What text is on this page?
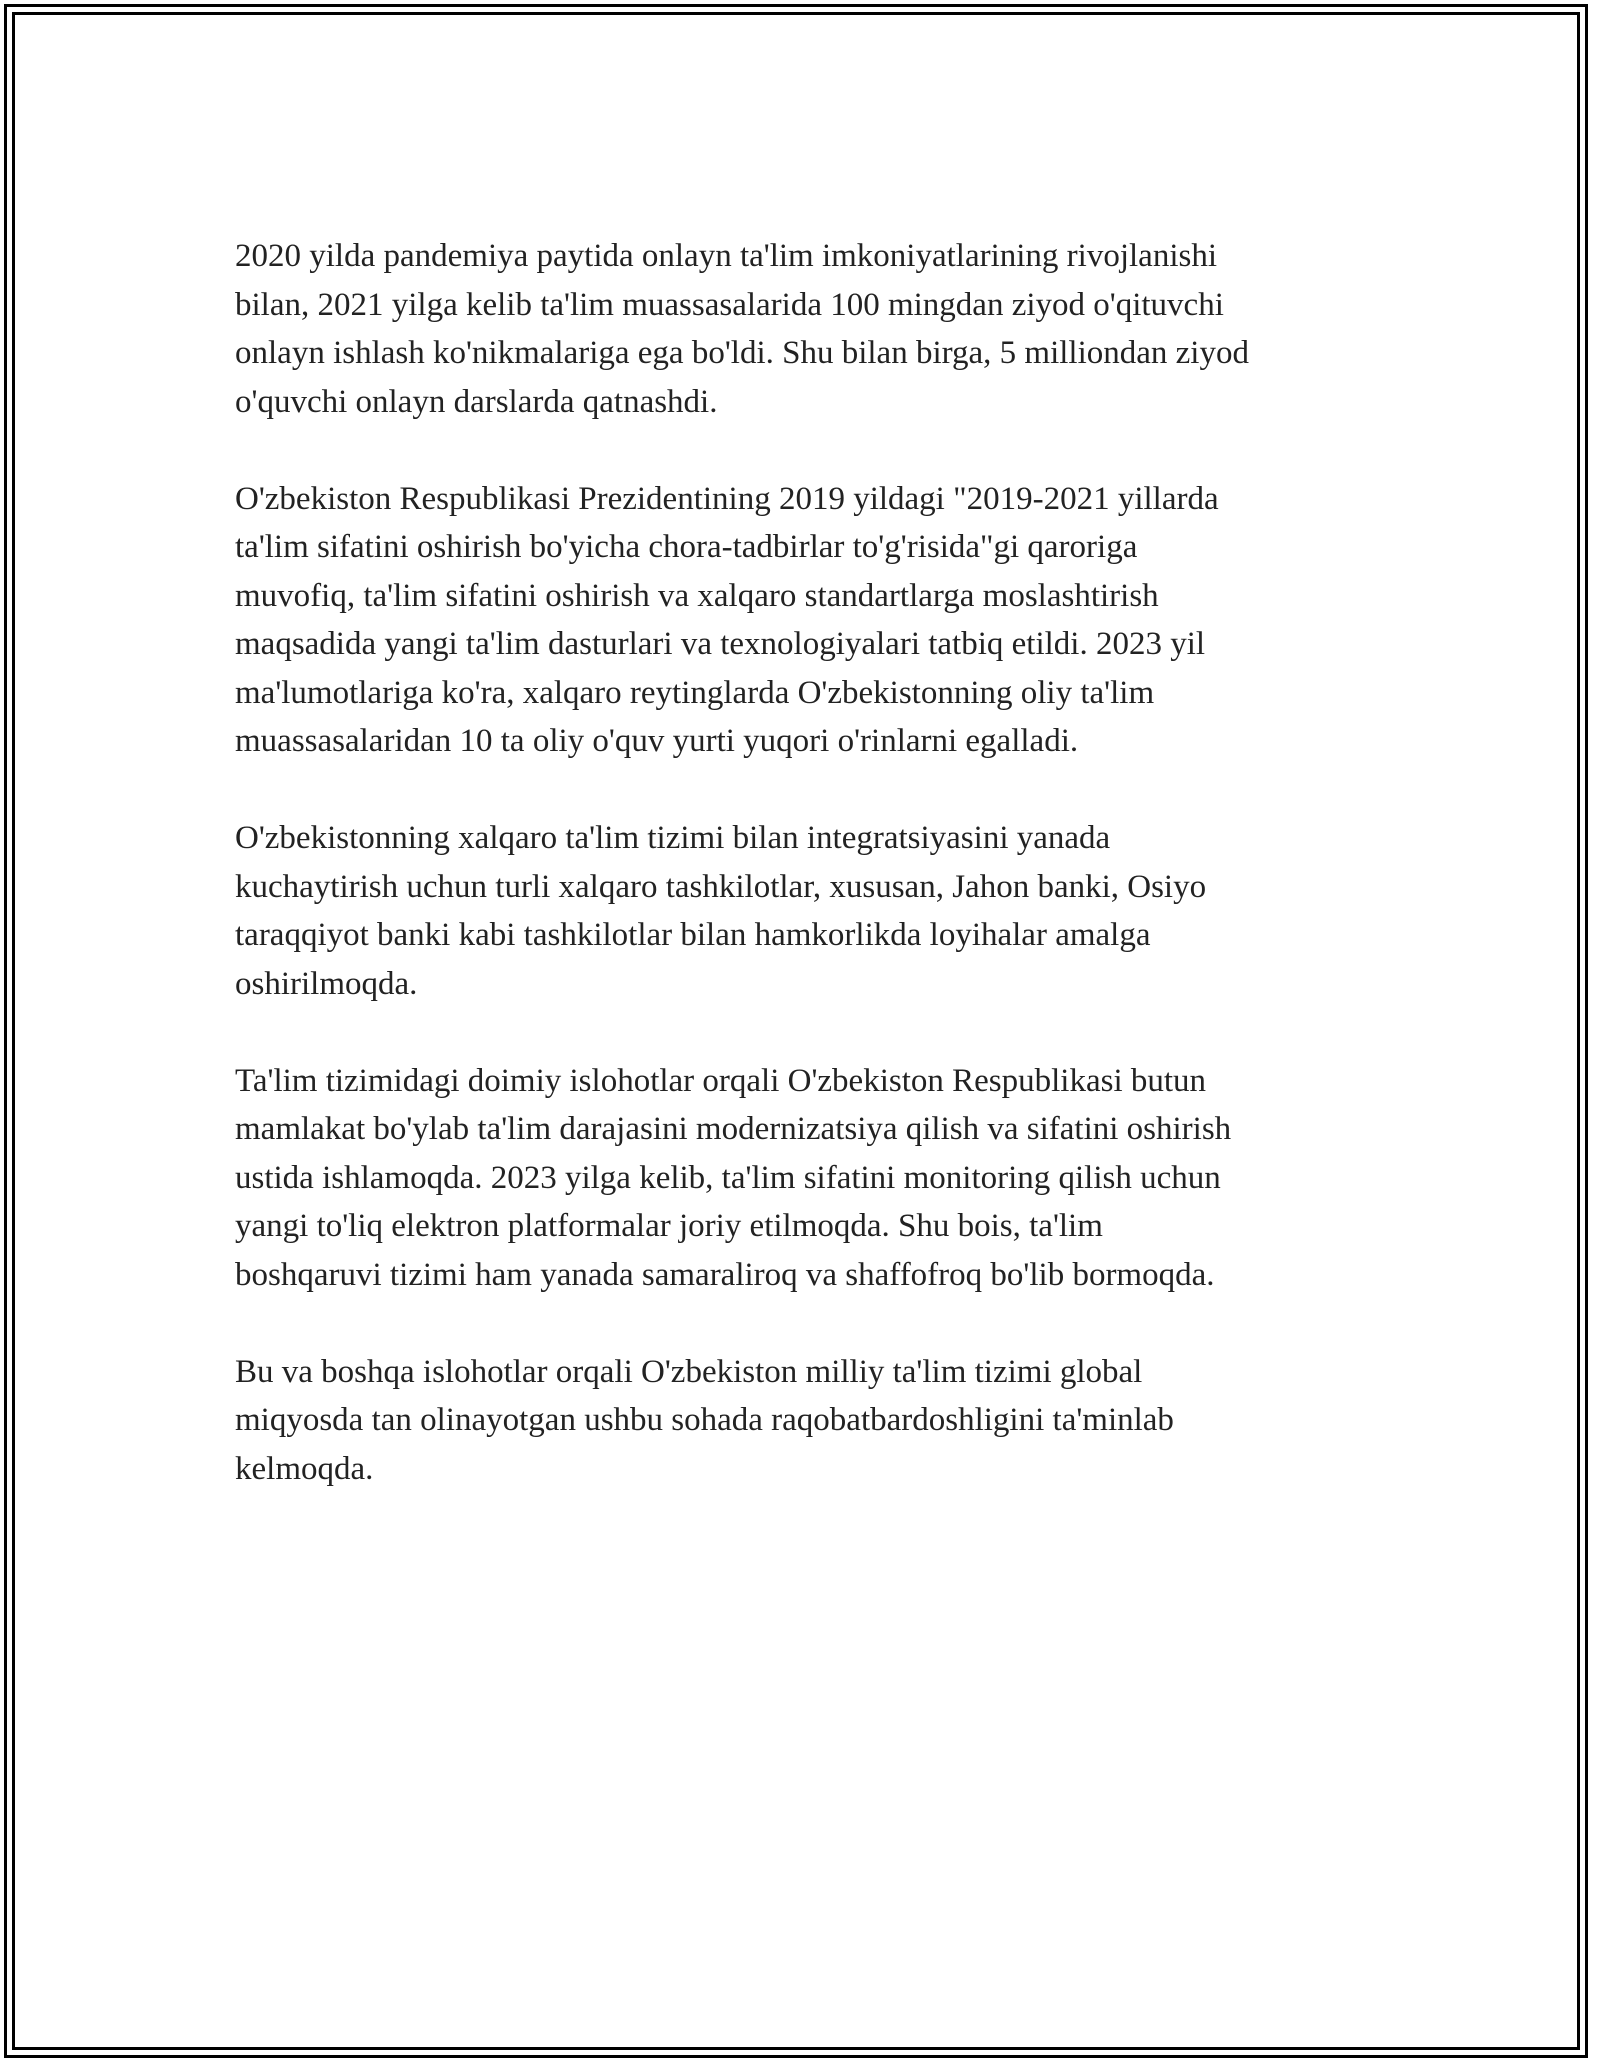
2020 yilda pandemiya paytida onlayn ta'lim imkoniyatlarining rivojlanishi
bilan, 2021 yilga kelib ta'lim muassasalarida 100 mingdan ziyod o'qituvchi
onlayn ishlash ko'nikmalariga ega bo'ldi. Shu bilan birga, 5 milliondan ziyod
o'quvchi onlayn darslarda qatnashdi.

O'zbekiston Respublikasi Prezidentining 2019 yildagi "2019-2021 yillarda
ta'lim sifatini oshirish bo'yicha chora-tadbirlar to'g'risida"gi qaroriga
muvofiq, ta'lim sifatini oshirish va xalqaro standartlarga moslashtirish
maqsadida yangi ta'lim dasturlari va texnologiyalari tatbiq etildi. 2023 yil
ma'lumotlariga ko'ra, xalqaro reytinglarda O'zbekistonning oliy ta'lim
muassasalaridan 10 ta oliy o'quv yurti yuqori o'rinlarni egalladi.

O'zbekistonning xalqaro ta'lim tizimi bilan integratsiyasini yanada
kuchaytirish uchun turli xalqaro tashkilotlar, xususan, Jahon banki, Osiyo
taraqqiyot banki kabi tashkilotlar bilan hamkorlikda loyihalar amalga
oshirilmoqda.

Ta'lim tizimidagi doimiy islohotlar orqali O'zbekiston Respublikasi butun
mamlakat bo'ylab ta'lim darajasini modernizatsiya qilish va sifatini oshirish
ustida ishlamoqda. 2023 yilga kelib, ta'lim sifatini monitoring qilish uchun
yangi to'liq elektron platformalar joriy etilmoqda. Shu bois, ta'lim
boshqaruvi tizimi ham yanada samaraliroq va shaffofroq bo'lib bormoqda.

Bu va boshqa islohotlar orqali O'zbekiston milliy ta'lim tizimi global
miqyosda tan olinayotgan ushbu sohada raqobatbardoshligini ta'minlab
kelmoqda.
